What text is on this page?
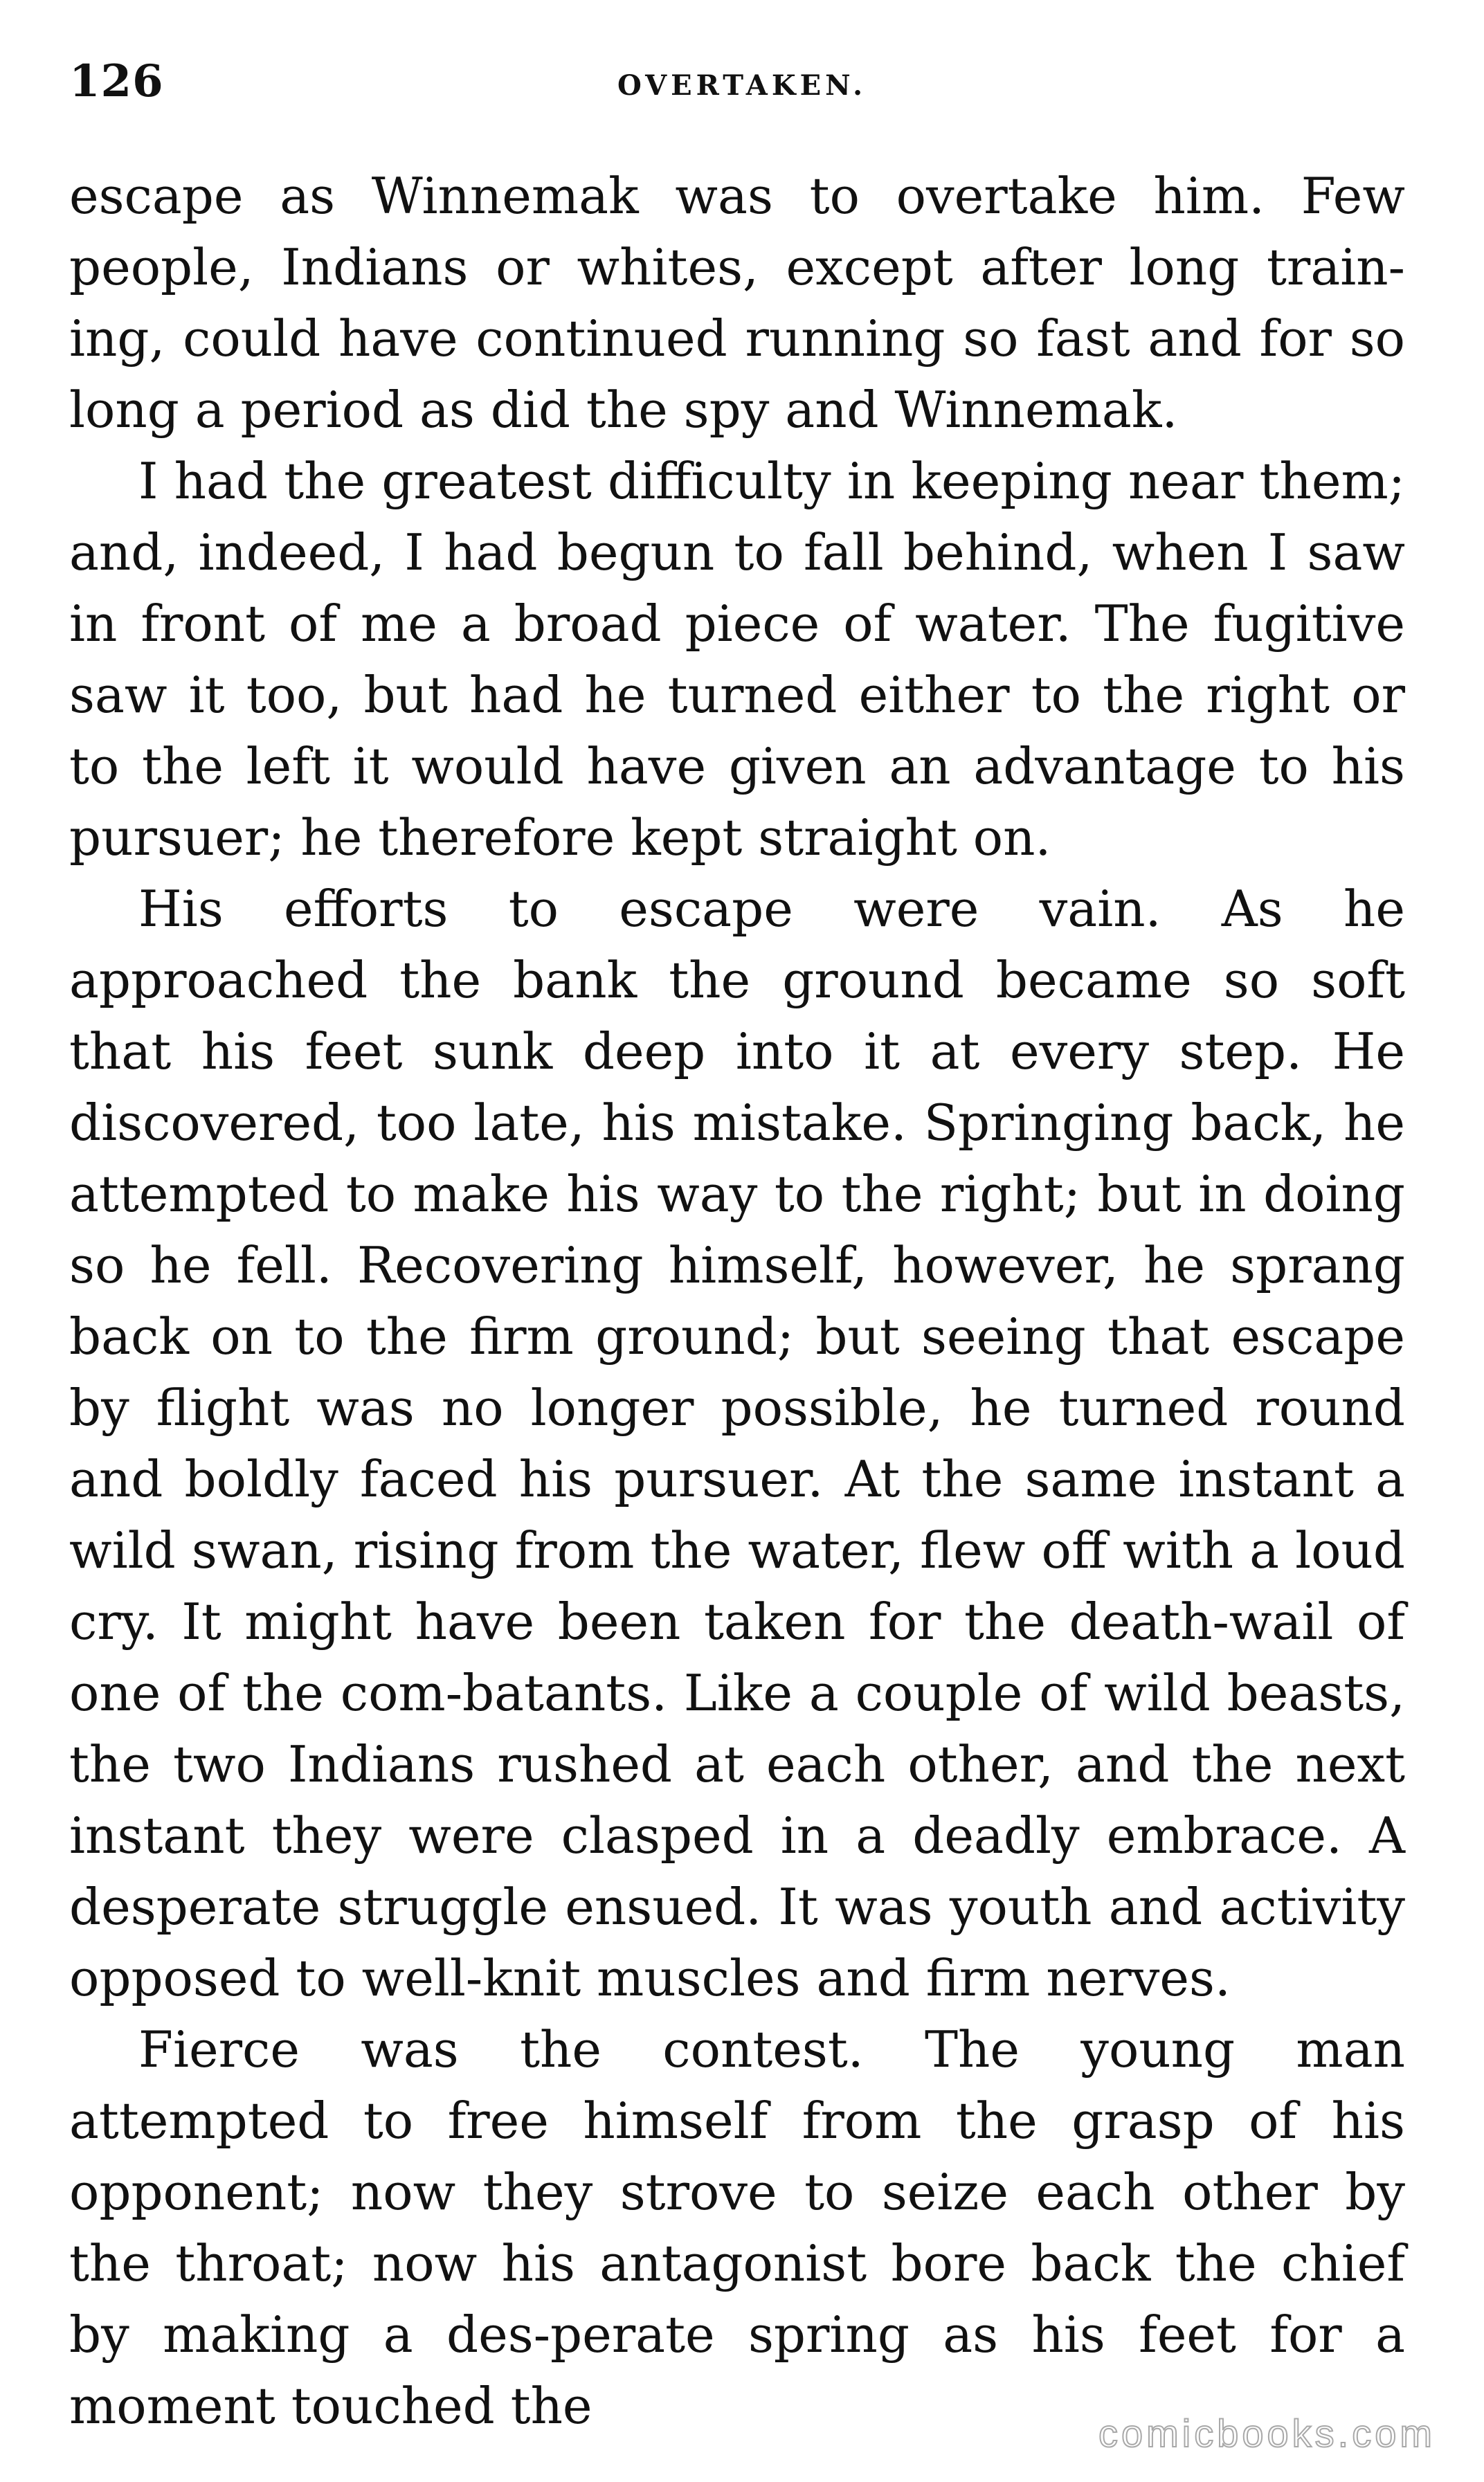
126	OVERTAKEN.

escape as Winnemak was to overtake him. Few people, Indians or whites, except after long train-ing, could have continued running so fast and for so long a period as did the spy and Winnemak.

I had the greatest difficulty in keeping near them; and, indeed, I had begun to fall behind, when I saw in front of me a broad piece of water. The fugitive saw it too, but had he turned either to the right or to the left it would have given an advantage to his pursuer; he therefore kept straight on.

His efforts to escape were vain. As he approached the bank the ground became so soft that his feet sunk deep into it at every step. He discovered, too late, his mistake. Springing back, he attempted to make his way to the right; but in doing so he fell. Recovering himself, however, he sprang back on to the firm ground; but seeing that escape by flight was no longer possible, he turned round and boldly faced his pursuer. At the same instant a wild swan, rising from the water, flew off with a loud cry. It might have been taken for the death-wail of one of the com-batants. Like a couple of wild beasts, the two Indians rushed at each other, and the next instant they were clasped in a deadly embrace. A desperate struggle ensued. It was youth and activity opposed to well-knit muscles and firm nerves.

Fierce was the contest. The young man attempted to free himself from the grasp of his opponent; now they strove to seize each other by the throat; now his antagonist bore back the chief by making a des-perate spring as his feet for a moment touched the	comicbooks.com
